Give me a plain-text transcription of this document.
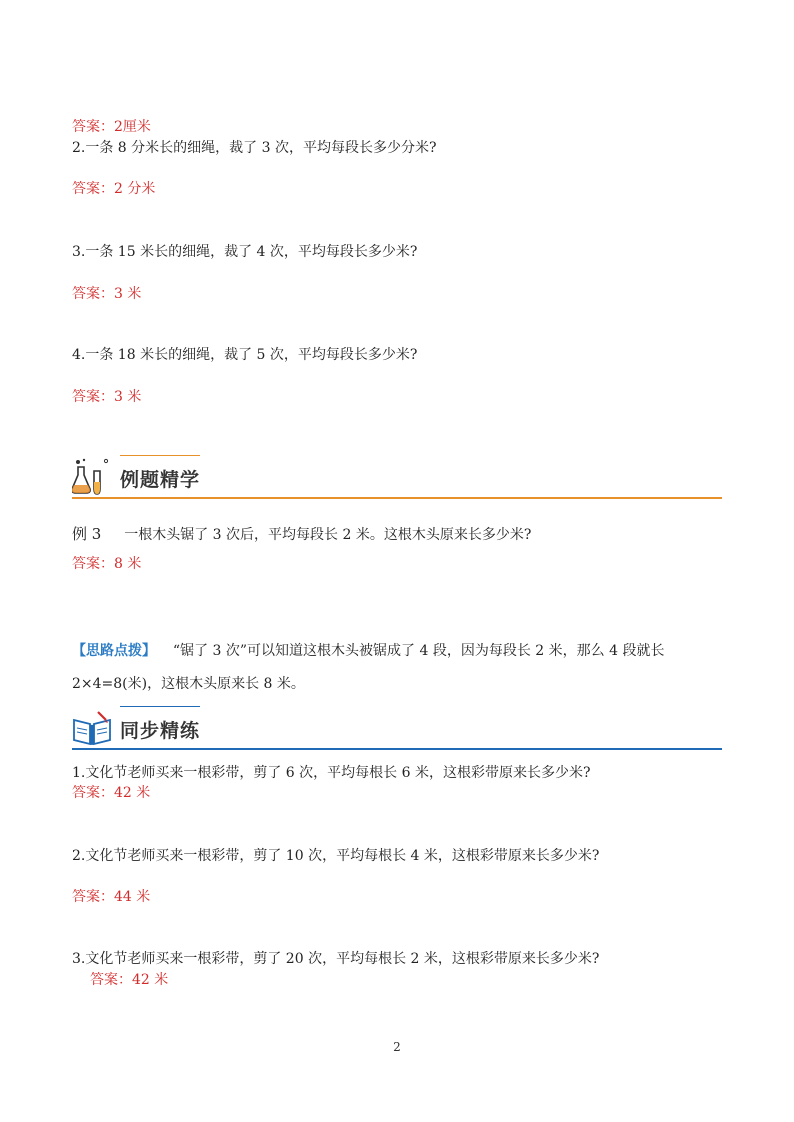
答案：2厘米
2.一条 8 分米长的细绳，裁了 3 次，平均每段长多少分米?
答案：2 分米
3.一条 15 米长的细绳，裁了 4 次，平均每段长多少米?
答案：3 米
4.一条 18 米长的细绳，裁了 5 次，平均每段长多少米?
答案：3 米
例题精学
例 3 一根木头锯了 3 次后，平均每段长 2 米。这根木头原来长多少米?
答案：8 米
【思路点拨】 “锯了 3 次”可以知道这根木头被锯成了 4 段，因为每段长 2 米，那么 4 段就长
2×4=8(米)，这根木头原来长 8 米。
同步精练
1.文化节老师买来一根彩带，剪了 6 次，平均每根长 6 米，这根彩带原来长多少米?
答案：42 米
2.文化节老师买来一根彩带，剪了 10 次，平均每根长 4 米，这根彩带原来长多少米?
答案：44 米
3.文化节老师买来一根彩带，剪了 20 次，平均每根长 2 米，这根彩带原来长多少米?
答案：42 米
2
